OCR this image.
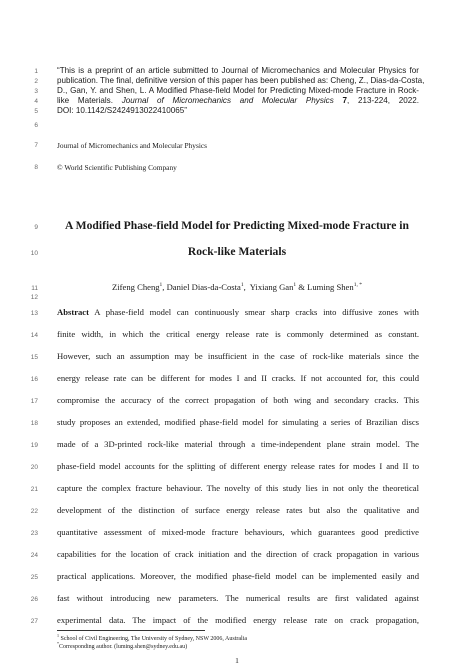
1
2
3
4
5
6
7
8
9
10
11
12
13
14
15
16
17
18
19
20
21
22
23
24
25
26
27
“This is a preprint of an article submitted to Journal of Micromechanics and Molecular Physics for
publication. The final, definitive version of this paper has been published as: Cheng, Z., Dias-da-Costa,
D., Gan, Y. and Shen, L. A Modified Phase-field Model for Predicting Mixed-mode Fracture in Rock-
like Materials. Journal of Micromechanics and Molecular Physics 7, 213-224, 2022.
DOI: 10.1142/S2424913022410065”
Journal of Micromechanics and Molecular Physics
© World Scientific Publishing Company
A Modified Phase-field Model for Predicting Mixed-mode Fracture in
Rock-like Materials
Zifeng Cheng$^1$, Daniel Dias-da-Costa$^1$,  Yixiang Gan$^1$ & Luming Shen$^{1, *}$
Abstract A phase-field model can continuously smear sharp cracks into diffusive zones with
finite width, in which the critical energy release rate is commonly determined as constant.
However, such an assumption may be insufficient in the case of rock-like materials since the
energy release rate can be different for modes I and II cracks. If not accounted for, this could
compromise the accuracy of the correct propagation of both wing and secondary cracks. This
study proposes an extended, modified phase-field model for simulating a series of Brazilian discs
made of a 3D-printed rock-like material through a time-independent plane strain model. The
phase-field model accounts for the splitting of different energy release rates for modes I and II to
capture the complex fracture behaviour. The novelty of this study lies in not only the theoretical
development of the distinction of surface energy release rates but also the qualitative and
quantitative assessment of mixed-mode fracture behaviours, which guarantees good predictive
capabilities for the location of crack initiation and the direction of crack propagation in various
practical applications. Moreover, the modified phase-field model can be implemented easily and
fast without introducing new parameters. The numerical results are first validated against
experimental data. The impact of the modified energy release rate on crack propagation,
$^1$ School of Civil Engineering, The University of Sydney, NSW 2006, Australia
*Corresponding author. (luming.shen@sydney.edu.au)
1
